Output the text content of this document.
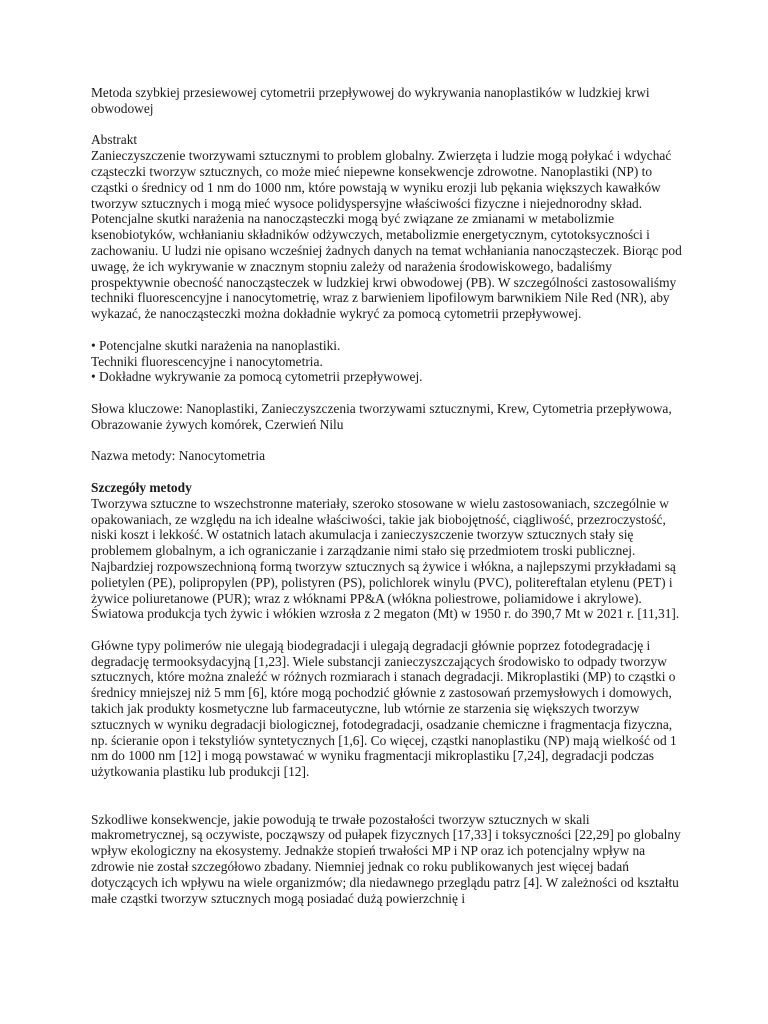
Metoda szybkiej przesiewowej cytometrii przepływowej do wykrywania nanoplastików w ludzkiej krwi obwodowej

Abstrakt

Zanieczyszczenie tworzywami sztucznymi to problem globalny. Zwierzęta i ludzie mogą połykać i wdychać cząsteczki tworzyw sztucznych, co może mieć niepewne konsekwencje zdrowotne. Nanoplastiki (NP) to cząstki o średnicy od 1 nm do 1000 nm, które powstają w wyniku erozji lub pękania większych kawałków tworzyw sztucznych i mogą mieć wysoce polidyspersyjne właściwości fizyczne i niejednorodny skład. Potencjalne skutki narażenia na nanocząsteczki mogą być związane ze zmianami w metabolizmie ksenobiotyków, wchłanianiu składników odżywczych, metabolizmie energetycznym, cytotoksyczności i zachowaniu. U ludzi nie opisano wcześniej żadnych danych na temat wchłaniania nanocząsteczek. Biorąc pod uwagę, że ich wykrywanie w znacznym stopniu zależy od narażenia środowiskowego, badaliśmy prospektywnie obecność nanocząsteczek w ludzkiej krwi obwodowej (PB). W szczególności zastosowaliśmy techniki fluorescencyjne i nanocytometrię, wraz z barwieniem lipofilowym barwnikiem Nile Red (NR), aby wykazać, że nanocząsteczki można dokładnie wykryć za pomocą cytometrii przepływowej.

• Potencjalne skutki narażenia na nanoplastiki.
Techniki fluorescencyjne i nanocytometria.
• Dokładne wykrywanie za pomocą cytometrii przepływowej.

Słowa kluczowe: Nanoplastiki, Zanieczyszczenia tworzywami sztucznymi, Krew, Cytometria przepływowa, Obrazowanie żywych komórek, Czerwień Nilu

Nazwa metody: Nanocytometria

Szczegóły metody

Tworzywa sztuczne to wszechstronne materiały, szeroko stosowane w wielu zastosowaniach, szczególnie w opakowaniach, ze względu na ich idealne właściwości, takie jak biobojętność, ciągliwość, przezroczystość, niski koszt i lekkość. W ostatnich latach akumulacja i zanieczyszczenie tworzyw sztucznych stały się problemem globalnym, a ich ograniczanie i zarządzanie nimi stało się przedmiotem troski publicznej. Najbardziej rozpowszechnioną formą tworzyw sztucznych są żywice i włókna, a najlepszymi przykładami są polietylen (PE), polipropylen (PP), polistyren (PS), polichlorek winylu (PVC), politereftalan etylenu (PET) i żywice poliuretanowe (PUR); wraz z włóknami PP&A (włókna poliestrowe, poliamidowe i akrylowe). Światowa produkcja tych żywic i włókien wzrosła z 2 megaton (Mt) w 1950 r. do 390,7 Mt w 2021 r. [11,31].

Główne typy polimerów nie ulegają biodegradacji i ulegają degradacji głównie poprzez fotodegradację i degradację termooksydacyjną [1,23]. Wiele substancji zanieczyszczających środowisko to odpady tworzyw sztucznych, które można znaleźć w różnych rozmiarach i stanach degradacji. Mikroplastiki (MP) to cząstki o średnicy mniejszej niż 5 mm [6], które mogą pochodzić głównie z zastosowań przemysłowych i domowych, takich jak produkty kosmetyczne lub farmaceutyczne, lub wtórnie ze starzenia się większych tworzyw sztucznych w wyniku degradacji biologicznej, fotodegradacji, osadzanie chemiczne i fragmentacja fizyczna, np. ścieranie opon i tekstyliów syntetycznych [1,6]. Co więcej, cząstki nanoplastiku (NP) mają wielkość od 1 nm do 1000 nm [12] i mogą powstawać w wyniku fragmentacji mikroplastiku [7,24], degradacji podczas użytkowania plastiku lub produkcji [12].

Szkodliwe konsekwencje, jakie powodują te trwałe pozostałości tworzyw sztucznych w skali makrometrycznej, są oczywiste, począwszy od pułapek fizycznych [17,33] i toksyczności [22,29] po globalny wpływ ekologiczny na ekosystemy. Jednakże stopień trwałości MP i NP oraz ich potencjalny wpływ na zdrowie nie został szczegółowo zbadany. Niemniej jednak co roku publikowanych jest więcej badań dotyczących ich wpływu na wiele organizmów; dla niedawnego przeglądu patrz [4]. W zależności od kształtu małe cząstki tworzyw sztucznych mogą posiadać dużą powierzchnię i
